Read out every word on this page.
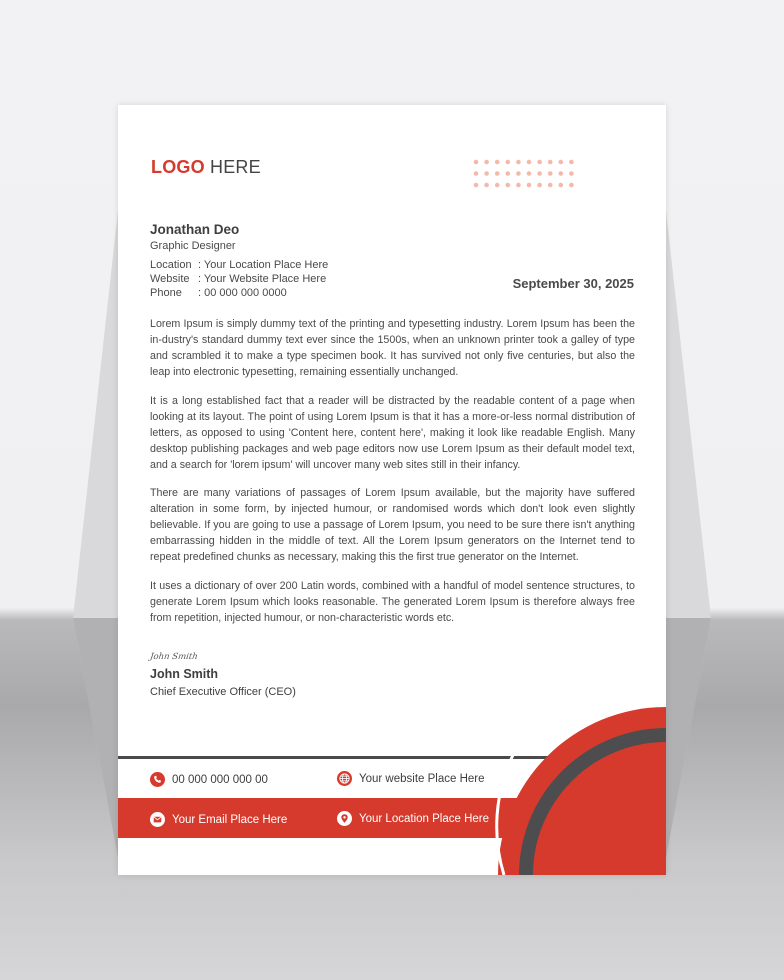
LOGO HERE
Jonathan Deo
Graphic Designer
Location : Your Location Place Here
Website : Your Website Place Here
Phone	: 00 000 000 0000
September 30, 2025

Lorem Ipsum is simply dummy text of the printing and typesetting industry. Lorem Ipsum has been the in-dustry's standard dummy text ever since the 1500s, when an unknown printer took a galley of type and scrambled it to make a type specimen book. It has survived not only five centuries, but also the leap into electronic typesetting, remaining essentially unchanged.

It is a long established fact that a reader will be distracted by the readable content of a page when looking at its layout. The point of using Lorem Ipsum is that it has a more-or-less normal distribution of letters, as opposed to using 'Content here, content here', making it look like readable English. Many desktop publishing packages and web page editors now use Lorem Ipsum as their default model text, and a search for 'lorem ipsum' will uncover many web sites still in their infancy.

There are many variations of passages of Lorem Ipsum available, but the majority have suffered alteration in some form, by injected humour, or randomised words which don't look even slightly believable. If you are going to use a passage of Lorem Ipsum, you need to be sure there isn't anything embarrassing hidden in the middle of text. All the Lorem Ipsum generators on the Internet tend to repeat predefined chunks as necessary, making this the first true generator on the Internet.

It uses a dictionary of over 200 Latin words, combined with a handful of model sentence structures, to generate Lorem Ipsum which looks reasonable. The generated Lorem Ipsum is therefore always free from repetition, injected humour, or non-characteristic words etc.

John Smith
John Smith
Chief Executive Officer (CEO)
00 000 000 000 00	Your website Place Here
Your Email Place Here	Your Location Place Here
